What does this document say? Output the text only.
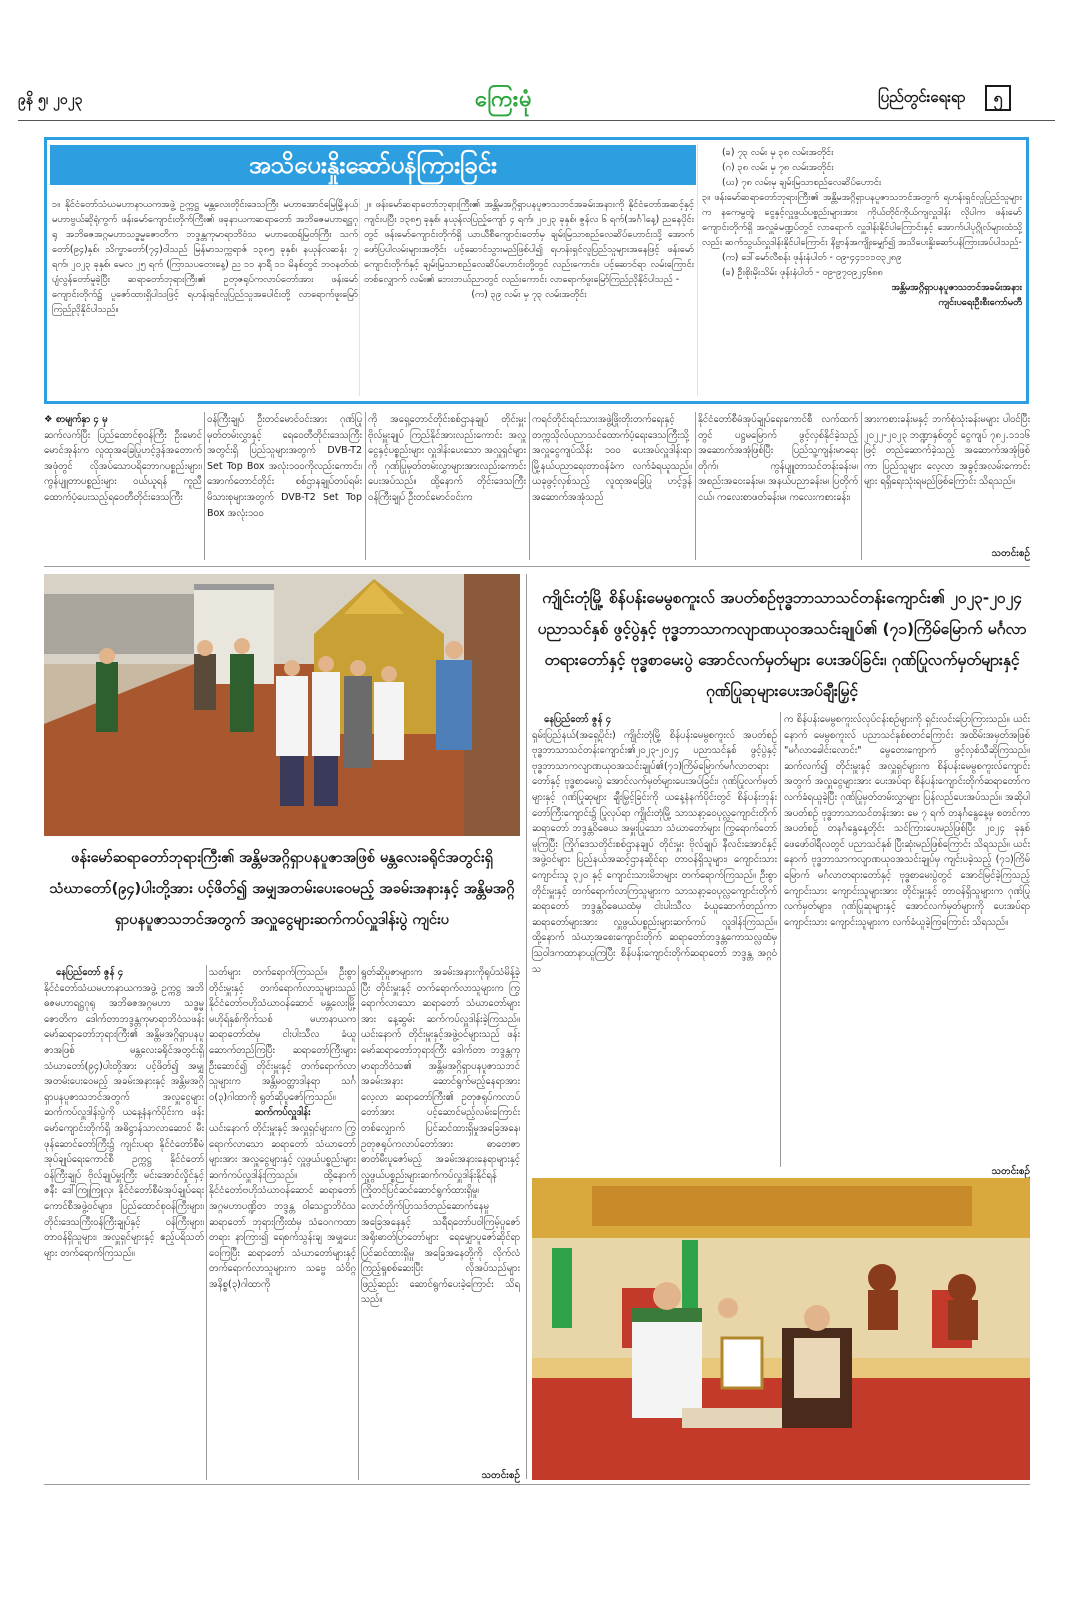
၉နိ ၅၊ ၂၀၂၃	ကြေးမုံ	ပြည်တွင်းရေးရာ	၅
အသိပေးနှိုးဆော်ပန်ကြားခြင်း

၁။ နိုင်ငံတော်သံဃမဟာနာယကအဖွဲ့ ဥက္ကဋ္ဌ မန္တလေးတိုင်းဒေသကြီး မဟာအောင်မြေမြို့နယ် မဟာဗွယ်ဆိုရုံကွက် ဖန်းမော်ကျောင်းတိုက်ကြီး၏ ဖခုနာယကဆရာတော် အဘိဓဇမဟာရဋ္ဌဂုရု အဘိဓဇအဂ္ဂမဟာသဒ္ဓမ္မဇောတိက ဘဒ္ဒန္တကုမာရာဘိဝံသ မဟာထေရ်မြတ်ကြီး သက်တော်(၉၄)နှစ်၊ သိက္ခာတော်(၇၄)ဝါသည် မြန်မာသက္ကရာဇ် ၁၃၈၅ ခုနှစ်၊ နယုန်လဆန်း ၇ ရက်၊ ၂၀၂၃ ခုနှစ်၊ မေလ ၂၅ ရက် (ကြာသပတေးနေ့) ည ၁၁ နာရီ ၁၁ မိနစ်တွင် ဘဝနတ်ထံပျံလွန်တော်မူခဲ့ပြီး ဆရာတော်ဘုရားကြီး၏ ဥတုဇရုပ်ကလာပ်တော်အား ဖန်းမော်ကျောင်းတိုက်၌ ပူဇော်ထားရှိပါသဖြင့် ရဟန်းရှင်လူပြည်သူအပေါင်းတို့ လာရောက်ဖူးမြော်ကြည်ညိုနိုင်ပါသည်။

၂။ ဖန်းမော်ဆရာတော်ဘုရားကြီး၏ အန္တိမအဂ္ဂိရှာပနပူဇာသဘင်အခမ်းအနားကို နိုင်ငံတော်အဆင့်နှင့်ကျင်းပပြီး ၁၃၈၅ ခုနှစ်၊ နယုန်လပြည့်ကျော် ၄ ရက်၊ ၂၀၂၃ ခုနှစ်၊ ဇွန်လ ၆ ရက်(အင်္ဂါနေ့) ညနေပိုင်းတွင် ဖန်းမော်ကျောင်းတိုက်ရှိ ယာယီစီကျောင်းတော်မှ ချမ်းမြသာစည်လေဆိပ်ဟောင်းသို့ အောက်ဖော်ပြပါလမ်းများအတိုင်း ပင့်ဆောင်သွားမည်ဖြစ်ပါ၍ ရဟန်းရှင်လူပြည်သူများအနေဖြင့် ဖန်းမော်ကျောင်းတိုက်နှင့် ချမ်းမြသာစည်လေဆိပ်ဟောင်းတို့တွင် လည်းကောင်း၊ ပင့်ဆောင်ရာ လမ်းကြောင်းတစ်လျှောက် လမ်း၏ ဘေးဘယ်ညာတွင် လည်းကောင်း လာရောက်ဖူးမြော်ကြည်ညိုနိုင်ပါသည် -

(က) ၃၉ လမ်း မှ ၇၃ လမ်းအတိုင်း

(ခ) ၇၃ လမ်း မှ ၃၈ လမ်းအတိုင်း

(ဂ) ၃၈ လမ်း မှ ၇၈ လမ်းအတိုင်း

(ဃ) ၇၈ လမ်းမှ ချမ်းမြသာစည်လေဆိပ်ဟောင်း

၃။ ဖန်းမော်ဆရာတော်ဘုရားကြီး၏ အန္တိမအဂ္ဂိရှာပနပူဇာသဘင်အတွက် ရဟန်းရှင်လူပြည်သူများက နကေမွတ္တွဲ ငွေနှင့်လှူဖွယ်ပစ္စည်းများအား ကိုယ်တိုင်ကိုယ်ကျလှူဒါန်း လိုပါက ဖန်းမော်ကျောင်းတိုက်ရှိ အလှူခံမဏ္ဍပ်တွင် လာရောက် လှူဒါန်းနိုင်ပါကြောင်းနှင့် အောက်ပါပုဂ္ဂိုလ်များထံသို့လည်း ဆက်သွယ်လှူဒါန်းနိုင်ပါကြောင်း နိဗ္ဗာန်အကျိုးမျှော်၍ အသိပေးနှိုးဆော်ပန်ကြားအပ်ပါသည်-

(က) ဒေါ်မော်လီစန်း ဖုန်းနံပါတ် - ၀၉-၄၄၁၁၁၀၃၂၈၉

(ခ) ဦးစိုးမိုးသိမ်း ဖုန်းနံပါတ် - ၀၉-၉၇၀၉၂၄၆၈၈

အန္တိမအဂ္ဂိရှာပနပူဇာသဘင်အခမ်းအနား

ကျင်းပရေးဦးစီးကော်မတီ

❖ စာမျက်နှာ ၄ မှ

ဆက်လက်ပြီး ပြည်ထောင်စုဝန်ကြီး ဦးမောင်မောင်အုန်းက လူထုအခြေပြုဟင့်ဒွန်အတောက်အဖုံတွင် လိုအပ်သောပရိဘောဂပစ္စည်းများ၊ ကွန်ပျူတာပစ္စည်းများ ဝယ်ယူရန် ကူညီထောက်ပံ့ပေးသည့်ရဝေတီတိုင်းဒေသကြီး

ဝန်ကြီးချုပ် ဦးတင်မောင်ဝင်းအား ဂုဏ်ပြုမှတ်တမ်းလွှာနှင့် ရေဝေတီတိုင်းဒေသကြီးအတွင်းရှိ ပြည်သူများအတွက် DVB-T2 Set Top Box အလုံး၁၀၀ကိုလည်းကောင်း၊ အောက်တောင်တိုင်း စစ်ဌာနချုပ်တပ်ရမ်းမိသားစုများအတွက် DVB-T2 Set Top Box အလုံး၁၀၀

ကို အရှေ့တောင်တိုင်းစစ်ဌာနချုပ် တိုင်းမှူးဗိုလ်မှူးချုပ် ကြည်နိုင်အားလည်းကောင်း အလှူငွေနှင့်ပစ္စည်းများ လှူဒါန်းပေးသော အလှူရှင်များကို ဂုဏ်ပြုမှတ်တမ်းလွှာများအားလည်းကောင်း ပေးအပ်သည်။ ထို့နောက် တိုင်းဒေသကြီးဝန်ကြီးချုပ် ဦးတင်မောင်ဝင်းက

ကရင်တိုင်းရင်းသားအဖွဲ့ဖြိုးတိုးတက်ရေးနှင့် တက္ကသိုလ်ပညာသင်ထောက်ပံ့ရေးဒေသကြီးသို့ အလှူငွေကျပ်သိန်း ၁၀၀ ပေးအပ်လှူဒါန်းရာ မြို့နယ်ပညာရေးတာဝန်ခံက လက်ခံရယူသည်။ ယခုဖွင့်လှစ်သည့် လူထုအခြေပြု ဟင့်ဒွန် အဆောက်အအုံသည်

နိုင်ငံတော်စီမံအုပ်ချုပ်ရေးကောင်စီ လက်ထက်တွင် ပဋ္ဌမမြောက် ဖွင့်လှစ်နိုင်ခဲ့သည့် အဆောက်အအုံဖြစ်ပြီး ပြည်သူ့ကျန်းမာရေးတိုက်၊ ကွန်ပျူတာသင်တန်းခန်းမ၊ အစည်းအဝေးခန်းမ၊ အနယ်ပညာခန်းမ၊ ပြတိုက်ငယ်၊ ကလေးစာဖတ်ခန်းမ၊ ကလေးကစားခန်း၊

အားကစားခန်းမနှင့် ဘက်စုံသုံးခန်းမများ ပါဝင်ပြီး ၂၀၂၂-၂၀၂၃ ဘဏ္ဍာနှစ်တွင် ငွေကျပ် ၇၈၂.၁၁၁၆ ဖြင့် တည်ဆောက်ခဲ့သည့် အဆောက်အအုံဖြစ်ကာ ပြည်သူများ လေ့လာ အခွင့်အလမ်းကောင်းများ ရရှိရေးသုံးရမည်ဖြစ်ကြောင်း သိရသည်။

သတင်းစဉ်
ဖန်းမော်ဆရာတော်ဘုရားကြီး၏ အန္တိမအဂ္ဂိရှာပနပူဇာအဖြစ် မန္တလေးခရိုင်အတွင်းရှိ သံဃာတော်(၉၄)ပါးတို့အား ပင့်ဖိတ်၍ အမျှအတမ်းပေးဝေမည့် အခမ်းအနားနှင့် အန္တိမအဂ္ဂိရှာပနပူဇာသဘင်အတွက် အလှူငွေများဆက်ကပ်လှူဒါန်းပွဲ ကျင်းပ

နေပြည်တော် ဇွန် ၄

နိုင်ငံတော်သံဃမဟာနာယကအဖွဲ့ ဥက္ကဋ္ဌ အဘိဓဇမဟာရဋ္ဌဂုရု အဘိဓဇအဂ္ဂမဟာ သဒ္ဓမ္မဇောတိက ဒေါက်တာဘဒ္ဒန္တကုမာရာဘိဝံသဖန်းမော်ဆရာတော်ဘုရားကြီး၏ အန္တိမအဂ္ဂိရှာပနပူဇာအဖြစ် မန္တလေးခရိုင်အတွင်းရှိ သံဃာတော်(၉၄)ပါးတို့အား ပင့်ဖိတ်၍ အမျှအတမ်းပေးဝေမည့် အခမ်းအနားနှင့် အန္တိမအဂ္ဂိရှာပနပူဇာသဘင်အတွက် အလှူငွေများ ဆက်ကပ်လှူဒါန်းပွဲကို ယနေ့နံနက်ပိုင်းက ဖန်းမော်ကျောင်းတိုက်ရှိ အဓိဋ္ဌာန်သာလာဆောင် မီးဖုန်ဆောင်တော်ကြီး၌ ကျင်းပရာ နိုင်ငံတော်စီမံအုပ်ချုပ်ရေးကောင်စီ ဥက္ကဋ္ဌ နိုင်ငံတော်ဝန်ကြီးချုပ် ဗိုလ်ချုပ်မှူးကြီး မင်းအောင်လှိုင်နှင့်ဇနီး ဒေါ်ကြူကြူလှ၊ နိုင်ငံတော်စီမံအုပ်ချုပ်ရေးကောင်စီအဖွဲ့ဝင်များ၊ ပြည်ထောင်စုဝန်ကြီးများ၊ တိုင်းဒေသကြီးဝန်ကြီးချုပ်နှင့် ဝန်ကြီးများ၊ တာဝန်ရှိသူများ၊ အလှူရှင်များနှင့် ဧည့်ပရိသတ်များ တက်ရောက်ကြသည်။

သတ်များ တက်ရောက်ကြသည်။ ဦးစွာ တိုင်းမှူးနှင့် တက်ရောက်လာသူများသည် နိုင်ငံတော်ဗဟိုသံဃာဝန်ဆောင် မန္တလေးမြို့ မဟိုရ်နှစ်ကိုက်သစ် မဟာနာယကဆရာတော်ထံမှ ငါးပါးသီလ ခံယူဆောက်တည်ကြပြီး ဆရာတော်ကြီးများ ဦးဆောင်၍ တိုင်းမှူးနှင့် တက်ရောက်လာသူများက အန္တိမဝတ္ထာဒါနရာ သင်္ဂဝ(၃)ဂါထာကို ရွတ်ဆိုပူဇော်ကြသည်။

ဆက်ကပ်လှူဒါန်း

ယင်းနောက် တိုင်းမှူးနှင့် အလှူရှင်များက ကြွရောက်လာသော ဆရာတော် သံဃာတော်များအား အလှူငွေများနှင့် လှူဖွယ်ပစ္စည်းများဆက်ကပ်လှူဒါန်းကြသည်။ ထို့နောက် နိုင်ငံတော်ဗဟိုသံဃာဝန်ဆောင် ဆရာတော် အဂ္ဂမဟာပဏ္ဍိတ ဘဒ္ဒန္တ ဝါသေဋ္ဌာဘိဝံသ ဆရာတော် ဘုရားကြီးထံမှ သံဝေဂကထာတရား နာကြား၍ ရေစက်သွန်းချ အမျှပေးဝေကြပြီး ဆရာတော် သံဃာတော်များနှင့် တက်ရောက်လာသူများက သဗ္ဗေ သံဝိဂ္ဂ အနိစ္စ(၃)ဂါထာကို

ရွတ်ဆိုပူဇာများက အခမ်းအနားကိုရုပ်သံမိန့်ခဲ့ပြီး တိုင်းမှူးနှင့် တက်ရောက်လာသူများက ကြွရောက်လာသော ဆရာတော် သံဃာတော်များအား နေ့ဆွမ်း ဆက်ကပ်လှူဒါန်းခဲ့ကြသည်။ ယင်းနောက် တိုင်းမှူးနှင့်အဖွဲ့ဝင်များသည် ဖန်းမော်ဆရာတော်ဘုရားကြီး ဒေါက်တာ ဘဒ္ဒန္တကုမာရာဘိဝံသ၏ အန္တိမအဂ္ဂိရှာပနပူဇာသဘင် အခမ်းအနား ဆောင်ရွက်မည့်နေရာအား လေ့လာ ဆရာတော်ကြီး၏ ဥတုဇရုပ်ကလာပ်တော်အား ပင့်ဆောင်မည့်လမ်းကြောင်း တစ်လျှောက် ပြင်ဆင်ထားရှိမှုအခြေအနေ၊ ဥတုဇရုပ်ကလာပ်တော်အား ဓာတေဇာဓာတ်မီးပူဇော်မည့် အခမ်းအနားနေရာများနှင့် လှူဖွယ်ပစ္စည်းများဆက်ကပ်လှူဒါန်းနိုင်ရန် ကြိုတင်ပြင်ဆင်ဆောင်ရွက်ထားရှိမှု၊ လောင်တိုက်ပြာသဒ်တည်ဆောက်နေမှုအခြေအနေနှင့် သရီရတော်ပဝါကြမ့်ပူဇော် အရိုးဓာတ်ပြာတော်များ ရေမျှောပူဇော်ဆိုင်ရာ ပြင်ဆင်ထားရှိမှု အခြေအနေတို့ကို လိုက်လံ ကြည့်ရှုစစ်ဆေးပြီး လိုအပ်သည်များ ဖြည့်ဆည်း ဆောင်ရွက်ပေးခဲ့ကြောင်း သိရသည်။

သတင်းစဉ်
ကျိုင်းတုံမြို့ စိန်ပန်းမေမွစကူးလ် အပတ်စဉ်ဗုဒ္ဓဘာသာသင်တန်းကျောင်း၏ ၂၀၂၃-၂၀၂၄ ပညာသင်နှစ် ဖွင့်ပွဲနှင့် ဗုဒ္ဓဘာသာကလျာဏယုဝအသင်းချုပ်၏ (၇၁)ကြိမ်မြောက် မင်္ဂလာတရားတော်နှင့် ဗုဒ္ဓစာမေးပွဲ အောင်လက်မှတ်များ ပေးအပ်ခြင်း၊ ဂုဏ်ပြုလက်မှတ်များနှင့် ဂုဏ်ပြုဆုများပေးအပ်ချီးမြှင့်

နေပြည်တော် ဇွန် ၄

ရှမ်းပြည်နယ်(အရှေ့ပိုင်း) ကျိုင်းတုံမြို့ စိန်ပန်းမေမွစကူးလ် အပတ်စဉ်ဗုဒ္ဓဘာသာသင်တန်းကျောင်း၏၂၀၂၃-၂၀၂၄ ပညာသင်နှစ် ဖွင့်ပွဲနှင့် ဗုဒ္ဓဘာသာကလျာဏယုဝအသင်းချုပ်၏(၇၁)ကြိမ်မြောက်မင်္ဂလာတရားတော်နှင့် ဗုဒ္ဓစာမေးပွဲ အောင်လက်မှတ်များပေးအပ်ခြင်း၊ ဂုဏ်ပြုလက်မှတ်များနှင့် ဂုဏ်ပြုဆုများ ချီးမြှင့်ခြင်းကို ယနေ့နံနက်ပိုင်းတွင် စိန်ပန်းဘုန်းတော်ကြီးကျောင်း၌ ပြုလုပ်ရာ ကျိုင်းတုံမြို့ သာသနာ့ဝေပုလ္လကျောင်းတိုက် ဆရာတော် ဘဒ္ဒန္တဝိဓေယ အမှူးပြုသော သံဃာတော်များ ကြွရောက်တော်မူကြပြီး ကြိုဂ်ဒေသတိုင်းစစ်ဌာနချုပ် တိုင်းမှူး ဗိုလ်ချုပ် နီလင်းအောင်နှင့် အဖွဲ့ဝင်များ ပြည်နယ်အဆင့်ဌာနဆိုင်ရာ တာဝန်ရှိသူများ၊ ကျောင်းသားကျောင်းသူ ၃၂၀ နှင့် ကျောင်းသားမိဘများ တက်ရောက်ကြသည်။ ဦးစွာ တိုင်းမှူးနှင့် တက်ရောက်လာကြသူများက သာသနာ့ဝေပုလ္လကျောင်းတိုက် ဆရာတော် ဘဒ္ဒန္တဝိဓေယထံမှ ငါးပါးသီလ ခံယူဆောက်တည်ကာ ဆရာတော်များအား လှူဖွယ်ပစ္စည်းများဆက်ကပ် လှူဒါန်းကြသည်။ ထို့နောက် သံဃာ့အစေးကျောင်းတိုက် ဆရာတော်ဘဒ္ဒန္တကောသလ္လထံမှဩဝါဒကထာနာယူကြပြီး စိန်ပန်းကျောင်းတိုက်ဆရာတော် ဘဒ္ဒန္တ အဂ္ဂဝံသ

က စိန်ပန်းမေမွစကူးလ်လုပ်ငန်းစဉ်များကို ရှင်းလင်းပြောကြားသည်။ ယင်းနောက် မေမွစကူးလ် ပညာသင်နှစ်စတင်ကြောင်း အထိမ်းအမှတ်အဖြစ် "မင်္ဂလာခေါင်းလောင်း" မွေတေးကျောက် ဖွင့်လှစ်သီဆိုကြသည်။ ဆက်လက်၍ တိုင်းမှူးနှင့် အလှူရှင်များက စိန်ပန်းမေမွစကူးလ်ကျောင်းအတွက် အလှူငွေများအား ပေးအပ်ရာ စိန်ပန်းကျောင်းတိုက်ဆရာတော်က လက်ခံရယူခဲ့ပြီး ဂုဏ်ပြုမှတ်တမ်းလွှာများ ပြန်လည်ပေးအပ်သည်။ အဆိုပါ အပတ်စဉ် ဗုဒ္ဓဘာသာသင်တန်းအား မေ ၇ ရက် တနင်္ဂနွေနေ့မှ စတင်ကာ အပတ်စဉ် တနင်္ဂနွေနေ့တိုင်း သင်ကြားပေးမည်ဖြစ်ပြီး ၂၀၂၄ ခုနှစ် ဖေဖော်ဝါရီလတွင် ပညာသင်နှစ် ပြီးဆုံးမည်ဖြစ်ကြောင်း သိရသည်။ ယင်းနောက် ဗုဒ္ဓဘာသာကလျာဏယုဝအသင်းချုပ်မှ ကျင်းပခဲ့သည့် (၇၁)ကြိမ်မြောက် မင်္ဂလာတရားတော်နှင့် ဗုဒ္ဓစာမေးပွဲတွင် အောင်မြင်ခဲ့ကြသည့် ကျောင်းသား ကျောင်းသူများအား တိုင်းမှူးနှင့် တာဝန်ရှိသူများက ဂုဏ်ပြုလက်မှတ်များ၊ ဂုဏ်ပြုဆုများနှင့် အောင်လက်မှတ်များကို ပေးအပ်ရာ ကျောင်းသား ကျောင်းသူများက လက်ခံယူခဲ့ကြကြောင်း သိရသည်။

သတင်းစဉ်
